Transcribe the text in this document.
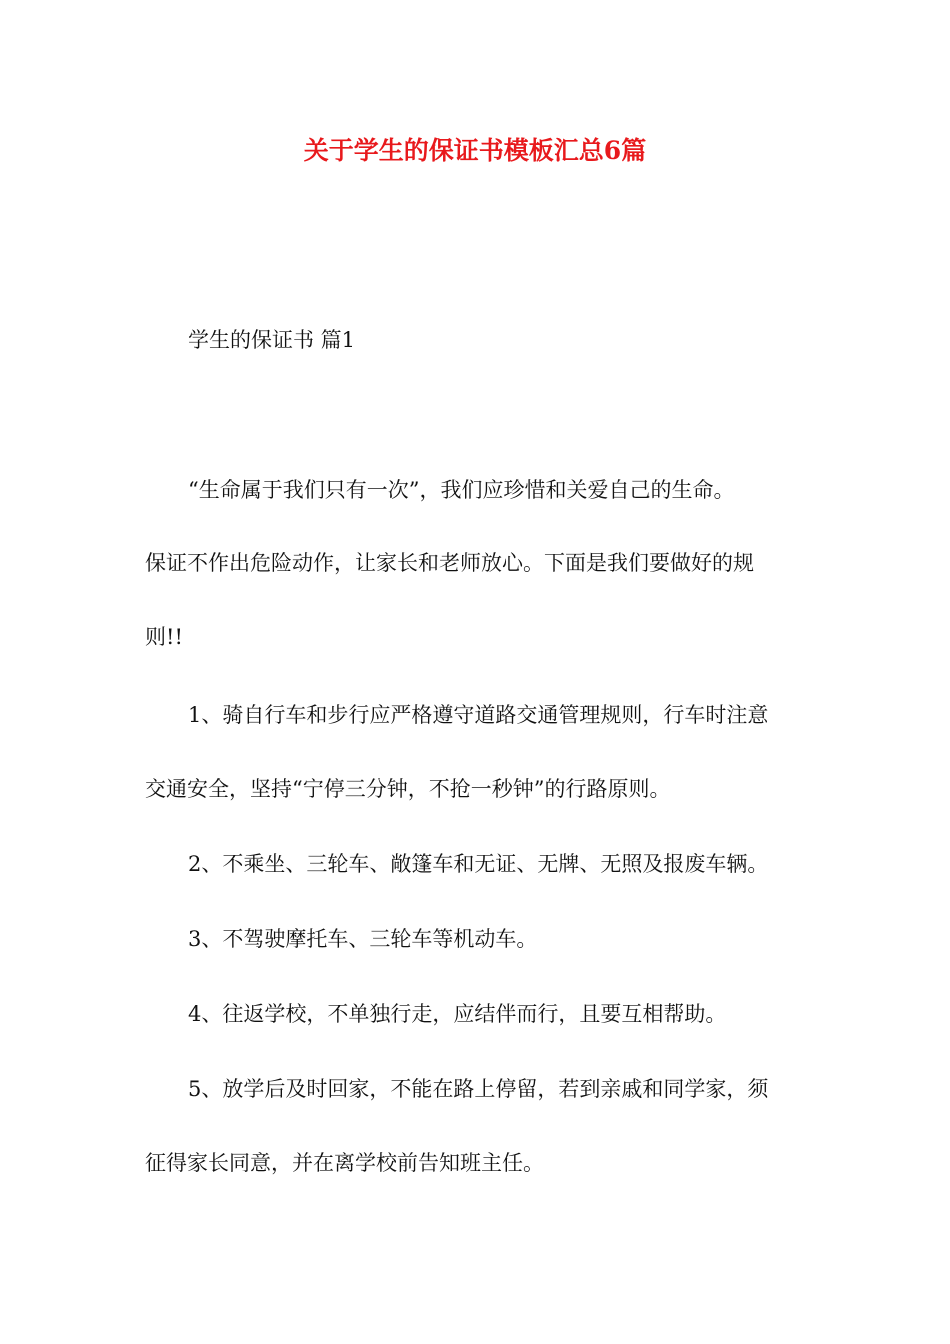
关于学生的保证书模板汇总6篇
学生的保证书 篇1
“生命属于我们只有一次”，我们应珍惜和关爱自己的生命。
保证不作出危险动作，让家长和老师放心。下面是我们要做好的规
则!!
1、骑自行车和步行应严格遵守道路交通管理规则，行车时注意
交通安全，坚持“宁停三分钟，不抢一秒钟”的行路原则。
2、不乘坐、三轮车、敞篷车和无证、无牌、无照及报废车辆。
3、不驾驶摩托车、三轮车等机动车。
4、往返学校，不单独行走，应结伴而行，且要互相帮助。
5、放学后及时回家，不能在路上停留，若到亲戚和同学家，须
征得家长同意，并在离学校前告知班主任。
